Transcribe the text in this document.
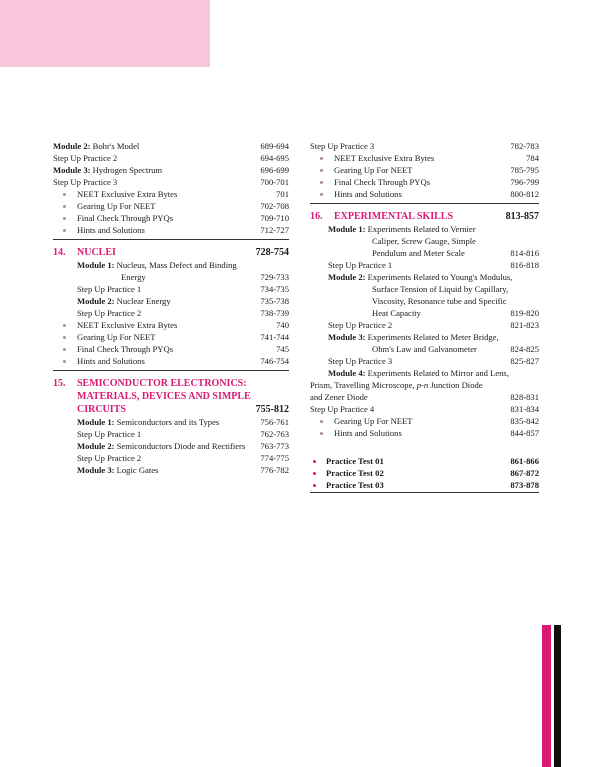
Module 2: Bohr's Model	689-694
Step Up Practice 2	694-695
Module 3: Hydrogen Spectrum	696-699
Step Up Practice 3	700-701
NEET Exclusive Extra Bytes	701
Gearing Up For NEET	702-708
Final Check Through PYQs	709-710
Hints and Solutions	712-727
14.	NUCLEI	728-754
Module 1: Nucleus, Mass Defect and Binding
Energy	729-733
Step Up Practice 1	734-735
Module 2: Nuclear Energy	735-738
Step Up Practice 2	738-739
NEET Exclusive Extra Bytes	740
Gearing Up For NEET	741-744
Final Check Through PYQs	745
Hints and Solutions	746-754
15. SEMICONDUCTOR ELECTRONICS:
MATERIALS, DEVICES AND SIMPLE
CIRCUITS	755-812
Module 1: Semiconductors and its Types	756-761
Step Up Practice 1	762-763
Module 2: Semiconductors Diode and Rectifiers	763-773
Step Up Practice 2	774-775
Module 3: Logic Gates	776-782
Step Up Practice 3	782-783
NEET Exclusive Extra Bytes	784
Gearing Up For NEET	785-795
Final Check Through PYQs	796-799
Hints and Solutions	800-812
16.	EXPERIMENTAL SKILLS	813-857
Module 1: Experiments Related to Vernier
Caliper, Screw Gauge, Simple
Pendulum and Meter Scale	814-816
Step Up Practice 1	816-818
Module 2: Experiments Related to Young's Modulus,
Surface Tension of Liquid by Capillary,
Viscosity, Resonance tube and Specific
Heat Capacity	819-820
Step Up Practice 2	821-823
Module 3: Experiments Related to Meter Bridge,
Ohm's Law and Galvanometer	824-825
Step Up Practice 3	825-827
Module 4: Experiments Related to Mirror and Lens,
Prism, Travelling Microscope, p-n Junction Diode
and Zener Diode	828-831
Step Up Practice 4	831-834
Gearing Up For NEET	835-842
Hints and Solutions	844-857
Practice Test 01	861-866
Practice Test 02	867-872
Practice Test 03	873-878
